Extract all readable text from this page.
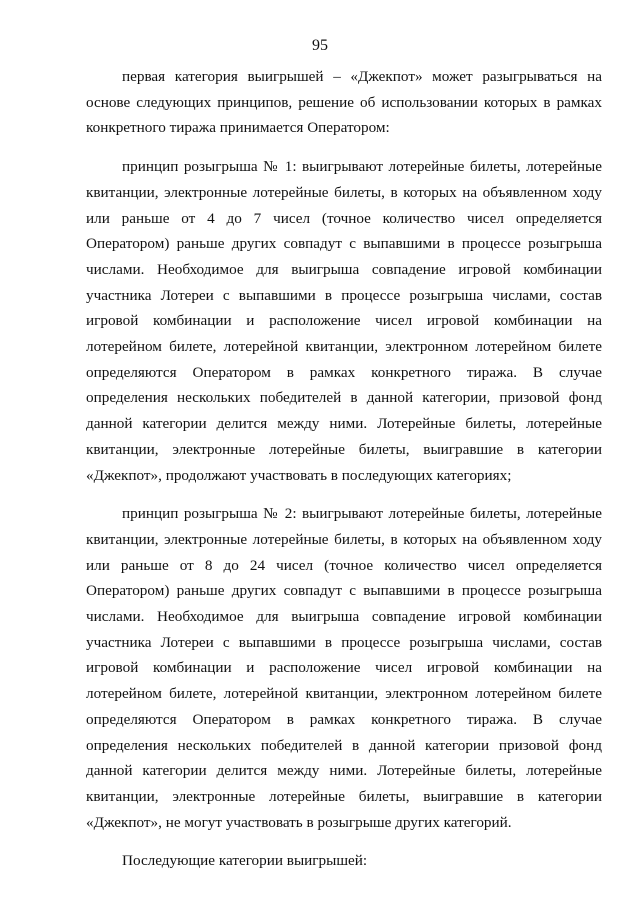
95

первая категория выигрышей – «Джекпот» может разыгрываться на основе следующих принципов, решение об использовании которых в рамках конкретного тиража принимается Оператором:

принцип розыгрыша № 1: выигрывают лотерейные билеты, лотерейные квитанции, электронные лотерейные билеты, в которых на объявленном ходу или раньше от 4 до 7 чисел (точное количество чисел определяется Оператором) раньше других совпадут с выпавшими в процессе розыгрыша числами. Необходимое для выигрыша совпадение игровой комбинации участника Лотереи с выпавшими в процессе розыгрыша числами, состав игровой комбинации и расположение чисел игровой комбинации на лотерейном билете, лотерейной квитанции, электронном лотерейном билете определяются Оператором в рамках конкретного тиража. В случае определения нескольких победителей в данной категории, призовой фонд данной категории делится между ними. Лотерейные билеты, лотерейные квитанции, электронные лотерейные билеты, выигравшие в категории «Джекпот», продолжают участвовать в последующих категориях;

принцип розыгрыша № 2: выигрывают лотерейные билеты, лотерейные квитанции, электронные лотерейные билеты, в которых на объявленном ходу или раньше от 8 до 24 чисел (точное количество чисел определяется Оператором) раньше других совпадут с выпавшими в процессе розыгрыша числами. Необходимое для выигрыша совпадение игровой комбинации участника Лотереи с выпавшими в процессе розыгрыша числами, состав игровой комбинации и расположение чисел игровой комбинации на лотерейном билете, лотерейной квитанции, электронном лотерейном билете определяются Оператором в рамках конкретного тиража. В случае определения нескольких победителей в данной категории призовой фонд данной категории делится между ними. Лотерейные билеты, лотерейные квитанции, электронные лотерейные билеты, выигравшие в категории «Джекпот», не могут участвовать в розыгрыше других категорий.

Последующие категории выигрышей:
